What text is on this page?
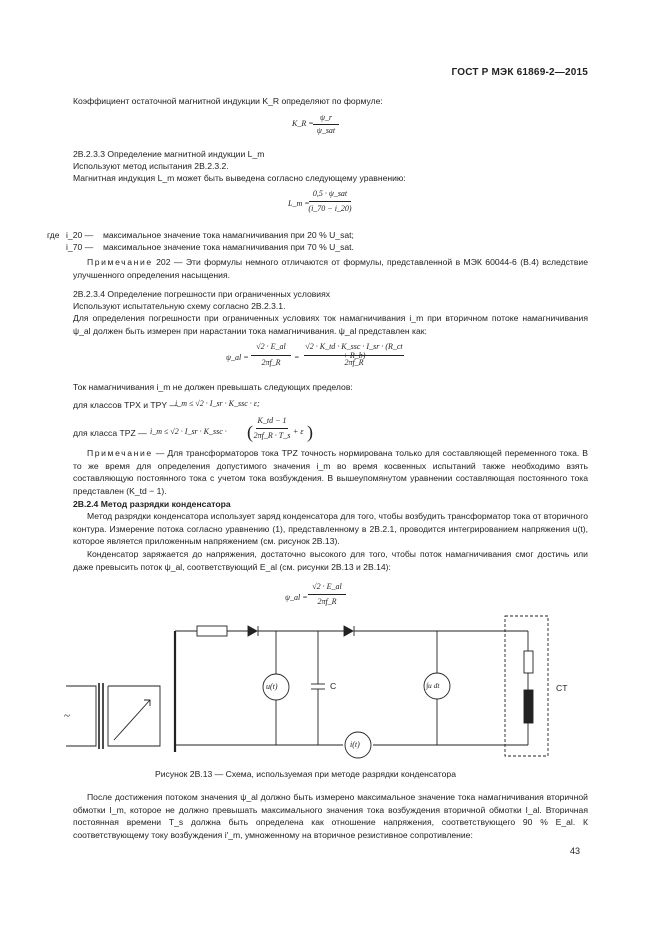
ГОСТ Р МЭК 61869-2—2015
Коэффициент остаточной магнитной индукции K_R определяют по формуле:
K_R =
ψ_r
ψ_sat
2B.2.3.3 Определение магнитной индукции L_m
Используют метод испытания 2B.2.3.2.
Магнитная индукция L_m может быть выведена согласно следующему уравнению:
L_m =
0,5 · ψ_sat
(i_70 − i_20)
где i_20 — максимальное значение тока намагничивания при 20 % U_sat;
i_70 — максимальное значение тока намагничивания при 70 % U_sat.
Примечание 202 — Эти формулы немного отличаются от формулы, представленной в МЭК 60044-6 (B.4) вследствие улучшенного определения насыщения.
2B.2.3.4 Определение погрешности при ограниченных условиях
Используют испытательную схему согласно 2B.2.3.1.
Для определения погрешности при ограниченных условиях ток намагничивания i_m при вторичном потоке намагничивания ψ_al должен быть измерен при нарастании тока намагничивания. ψ_al представлен как:
ψ_al =
√2 · E_al
2πf_R
=
√2 · K_td · K_ssc · I_sr · (R_ct + R_b)
2πf_R
Ток намагничивания i_m не должен превышать следующих пределов:
для классов TPX и TPY —
i_m ≤ √2 · I_sr · K_ssc · ε;
для класса TPZ — i_m ≤ √2 · I_sr · K_ssc · (
K_td − 1
2πf_R · T_s + ε )
Примечание — Для трансформаторов тока TPZ точность нормирована только для составляющей переменного тока. В то же время для определения допустимого значения i_m во время косвенных испытаний также необходимо взять составляющую постоянного тока с учетом тока возбуждения. В вышеупомянутом уравнении составляющая постоянного тока представлен (K_td − 1).
2B.2.4 Метод разрядки конденсатора
Метод разрядки конденсатора использует заряд конденсатора для того, чтобы возбудить трансформатор тока от вторичного контура. Измерение потока согласно уравнению (1), представленному в 2B.2.1, проводится интегрированием напряжения u(t), которое является приложенным напряжением (см. рисунок 2B.13).
Конденсатор заряжается до напряжения, достаточно высокого для того, чтобы поток намагничивания смог достичь или даже превысить поток ψ_al, соответствующий E_al (см. рисунки 2B.13 и 2B.14):
ψ_al =
√2 · E_al
2πf_R
~
u(t)	C	∫u dt
i(t)
CT
Рисунок 2B.13 — Схема, используемая при методе разрядки конденсатора
После достижения потоком значения ψ_al должно быть измерено максимальное значение тока намагничивания вторичной обмотки I_m, которое не должно превышать максимального значения тока возбуждения вторичной обмотки I_al. Вторичная постоянная времени T_s должна быть определена как отношение напряжения, соответствующего 90 % E_al. К соответствующему току возбуждения i′_m, умноженному на вторичное резистивное сопротивление:
43
